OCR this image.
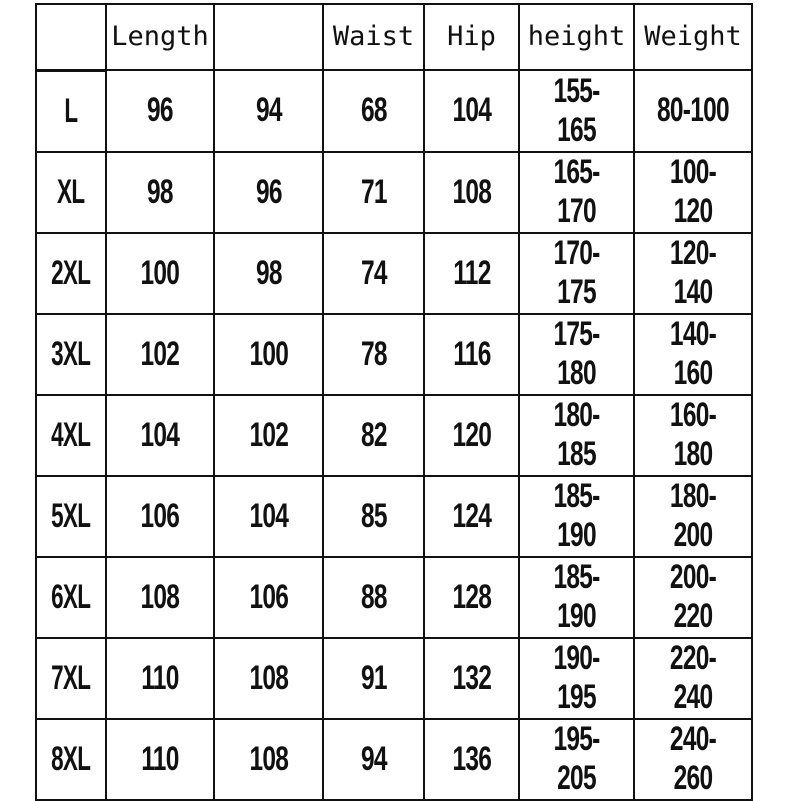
	Length		Waist	Hip	height	Weight
L	96	94	68	104	155-165	80-100
XL	98	96	71	108	165-170	100-120
2XL	100	98	74	112	170-175	120-140
3XL	102	100	78	116	175-180	140-160
4XL	104	102	82	120	180-185	160-180
5XL	106	104	85	124	185-190	180-200
6XL	108	106	88	128	185-190	200-220
7XL	110	108	91	132	190-195	220-240
8XL	110	108	94	136	195-205	240-260
